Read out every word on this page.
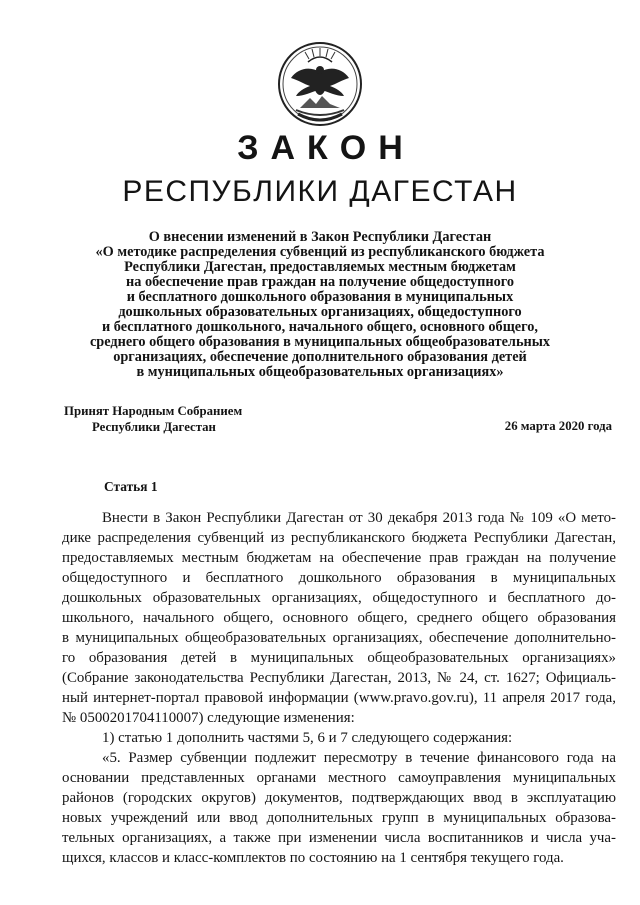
ЗАКОН
РЕСПУБЛИКИ ДАГЕСТАН
О внесении изменений в Закон Республики Дагестан
«О методике распределения субвенций из республиканского бюджета
Республики Дагестан, предоставляемых местным бюджетам
на обеспечение прав граждан на получение общедоступного
и бесплатного дошкольного образования в муниципальных
дошкольных образовательных организациях, общедоступного
и бесплатного дошкольного, начального общего, основного общего,
среднего общего образования в муниципальных общеобразовательных
организациях, обеспечение дополнительного образования детей
в муниципальных общеобразовательных организациях»
Принят Народным Собранием
Республики Дагестан	26 марта 2020 года
Статья 1
Внести в Закон Республики Дагестан от 30 декабря 2013 года № 109 «О мето-
дике распределения субвенций из республиканского бюджета Республики Дагестан,
предоставляемых местным бюджетам на обеспечение прав граждан на получение
общедоступного и бесплатного дошкольного образования в муниципальных
дошкольных образовательных организациях, общедоступного и бесплатного до-
школьного, начального общего, основного общего, среднего общего образования
в муниципальных общеобразовательных организациях, обеспечение дополнительно-
го образования детей в муниципальных общеобразовательных организациях»
(Собрание законодательства Республики Дагестан, 2013, № 24, ст. 1627; Официаль-
ный интернет-портал правовой информации (www.pravo.gov.ru), 11 апреля 2017 года,
№ 0500201704110007) следующие изменения:
1) статью 1 дополнить частями 5, 6 и 7 следующего содержания:
«5. Размер субвенции подлежит пересмотру в течение финансового года на
основании представленных органами местного самоуправления муниципальных
районов (городских округов) документов, подтверждающих ввод в эксплуатацию
новых учреждений или ввод дополнительных групп в муниципальных образова-
тельных организациях, а также при изменении числа воспитанников и числа уча-
щихся, классов и класс-комплектов по состоянию на 1 сентября текущего года.
